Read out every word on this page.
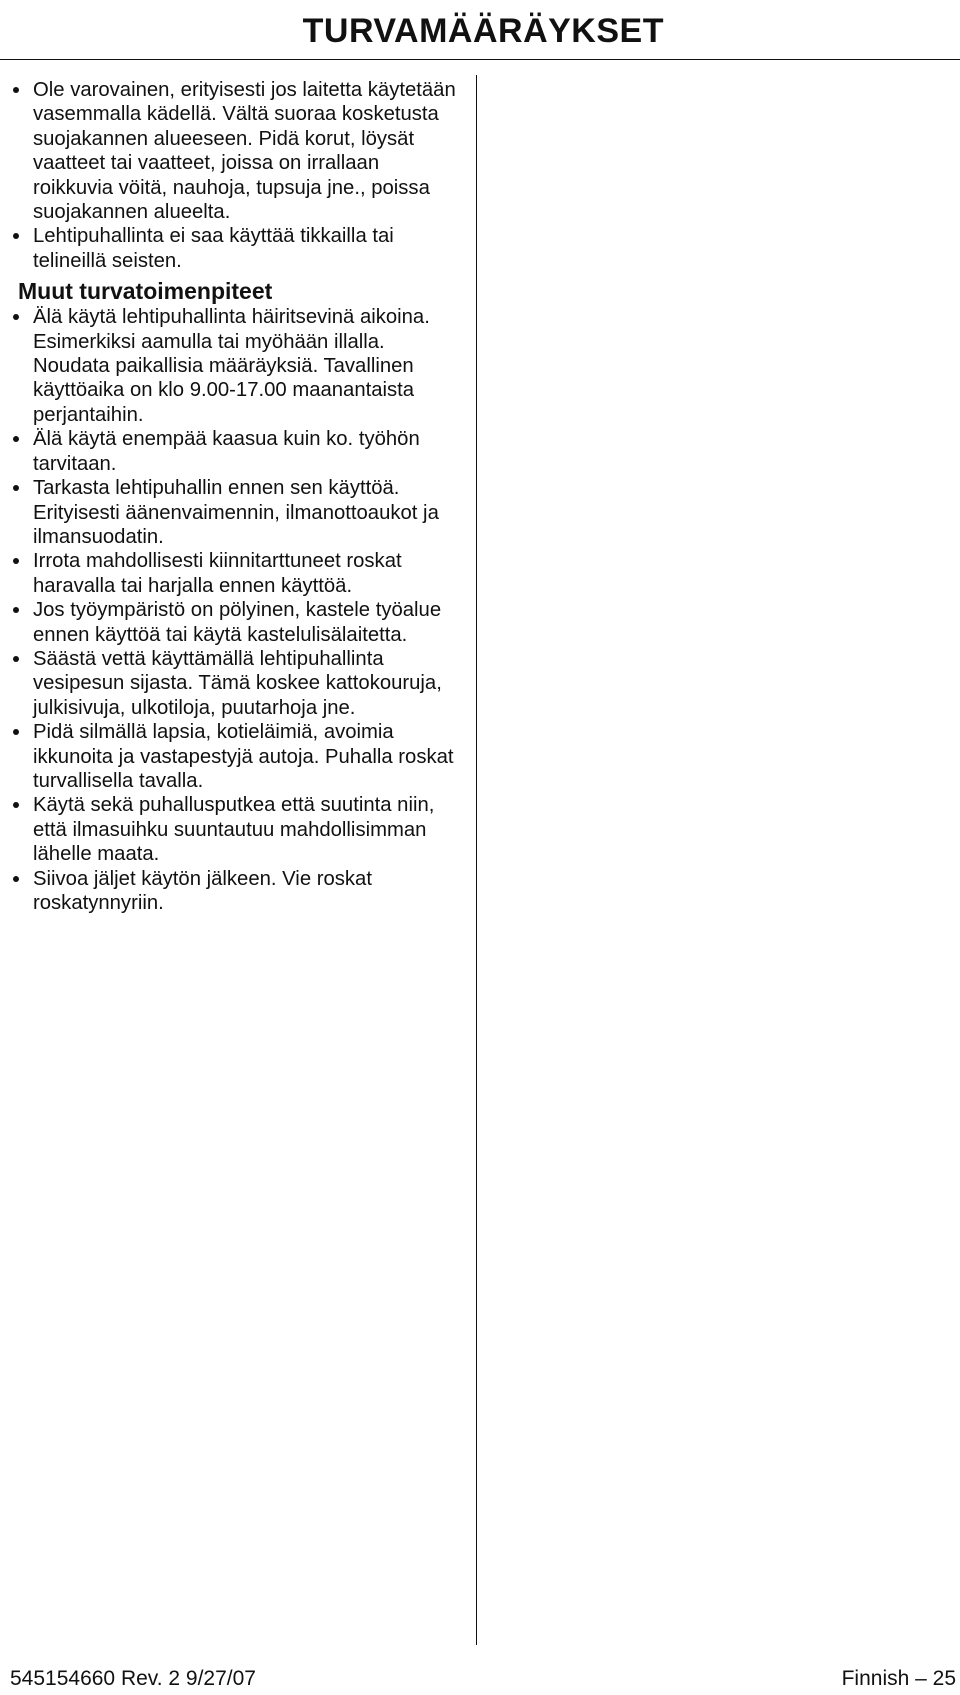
TURVAMÄÄRÄYKSET
Ole varovainen, erityisesti jos laitetta käytetään vasemmalla kädellä. Vältä suoraa kosketusta suojakannen alueeseen. Pidä korut, löysät vaatteet tai vaatteet, joissa on irrallaan roikkuvia vöitä, nauhoja, tupsuja jne., poissa suojakannen alueelta.
Lehtipuhallinta ei saa käyttää tikkailla tai telineillä seisten.
Muut turvatoimenpiteet
Älä käytä lehtipuhallinta häiritsevinä aikoina. Esimerkiksi aamulla tai myöhään illalla. Noudata paikallisia määräyksiä. Tavallinen käyttöaika on klo 9.00-17.00 maanantaista perjantaihin.
Älä käytä enempää kaasua kuin ko. työhön tarvitaan.
Tarkasta lehtipuhallin ennen sen käyttöä. Erityisesti äänenvaimennin, ilmanottoaukot ja ilmansuodatin.
Irrota mahdollisesti kiinnitarttuneet roskat haravalla tai harjalla ennen käyttöä.
Jos työympäristö on pölyinen, kastele työalue ennen käyttöä tai käytä kastelulisälaitetta.
Säästä vettä käyttämällä lehtipuhallinta vesipesun sijasta. Tämä koskee kattokouruja, julkisivuja, ulkotiloja, puutarhoja jne.
Pidä silmällä lapsia, kotieläimiä, avoimia ikkunoita ja vastapestyjä autoja. Puhalla roskat turvallisella tavalla.
Käytä sekä puhallusputkea että suutinta niin, että ilmasuihku suuntautuu mahdollisimman lähelle maata.
Siivoa jäljet käytön jälkeen. Vie roskat roskatynnyriin.
545154660 Rev. 2 9/27/07	Finnish – 25
